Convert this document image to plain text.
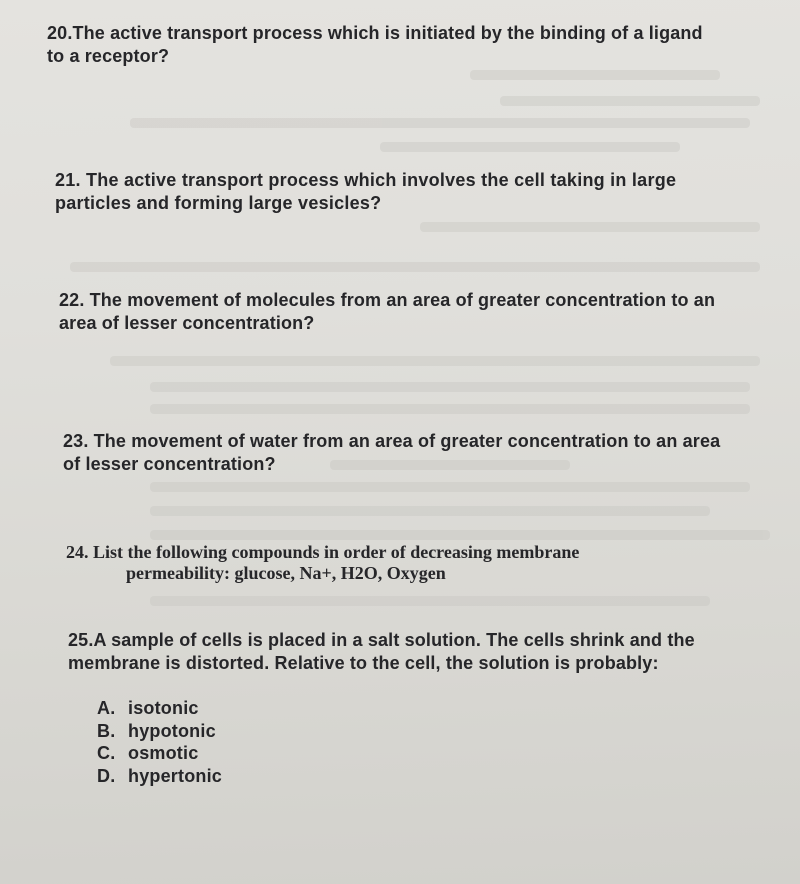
20.The active transport process which is initiated by the binding of a ligand
to a receptor?
21. The active transport process which involves the cell taking in large
particles and forming large vesicles?
22. The movement of molecules from an area of greater concentration to an
area of lesser concentration?
23. The movement of water from an area of greater concentration to an area
of lesser concentration?
24. List the following compounds in order of decreasing membrane
permeability: glucose, Na+, H2O, Oxygen
25.A sample of cells is placed in a salt solution. The cells shrink and the
membrane is distorted. Relative to the cell, the solution is probably:
A. isotonic
B. hypotonic
C. osmotic
D. hypertonic
